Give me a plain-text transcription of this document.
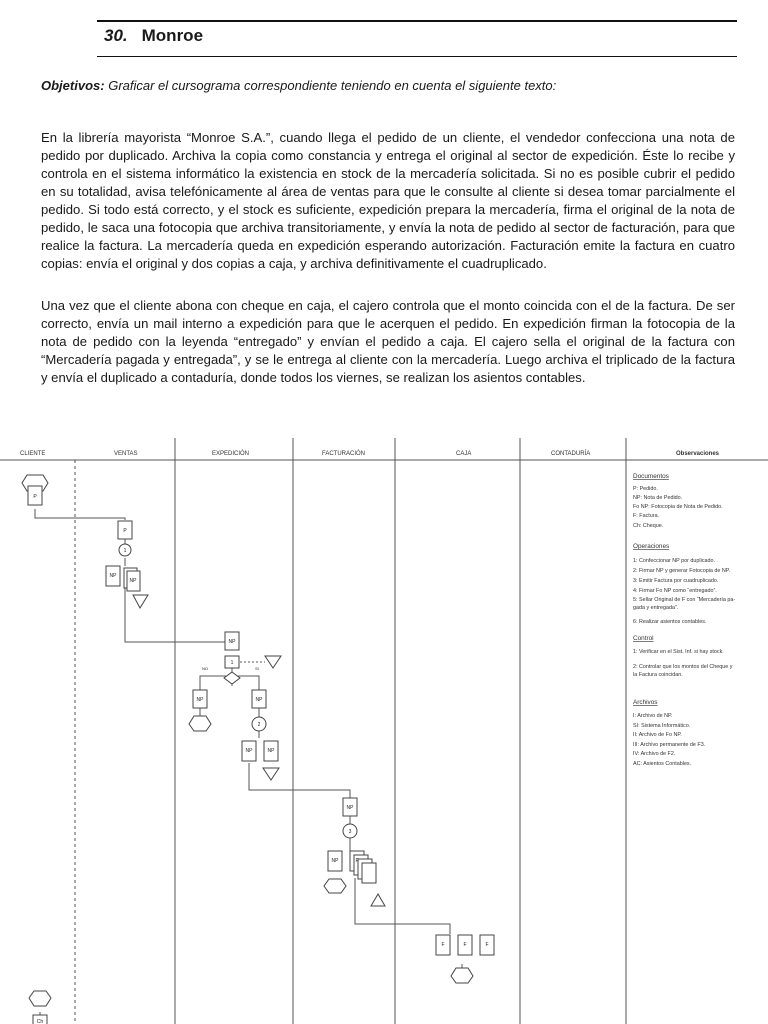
30. Monroe
Objetivos: Graficar el cursograma correspondiente teniendo en cuenta el siguiente texto:

En la librería mayorista “Monroe S.A.”, cuando llega el pedido de un cliente, el vendedor confecciona una nota de pedido por duplicado. Archiva la copia como constancia y entrega el original al sector de expedición. Éste lo recibe y controla en el sistema informático la existencia en stock de la mercadería solicitada. Si no es posible cubrir el pedido en su totalidad, avisa telefónicamente al área de ventas para que le consulte al cliente si desea tomar parcialmente el pedido. Si todo está correcto, y el stock es suficiente, expedición prepara la mercadería, firma el original de la nota de pedido, le saca una fotocopia que archiva transitoriamente, y envía la nota de pedido al sector de facturación, para que realice la factura. La mercadería queda en expedición esperando autorización. Facturación emite la factura en cuatro copias: envía el original y dos copias a caja, y archiva definitivamente el cuadruplicado.

Una vez que el cliente abona con cheque en caja, el cajero controla que el monto coincida con el de la factura. De ser correcto, envía un mail interno a expedición para que le acerquen el pedido. En expedición firman la fotocopia de la nota de pedido con la leyenda “entregado” y envían el pedido a caja. El cajero sella el original de la factura con “Mercadería pagada y entregada”, y se le entrega al cliente con la mercadería. Luego archiva el triplicado de la factura y envía el duplicado a contaduría, donde todos los viernes, se realizan los asientos contables.

CLIENTE	VENTAS	EXPEDICIÓN	FACTURACIÓN	CAJA	CONTADURÍA	Observaciones
P
P
1
NP
NP
NP
1
NO	SI
NP	NP
2
NP	NP
NP
3
NP	F
F	F	F
Ch
Documentos
P: Pedido.
NP: Nota de Pedido.
Fo NP: Fotocopia de Nota de Pedido.
F: Factura.
Ch: Cheque.
Operaciones
1: Confeccionar NP por duplicado.
2: Firmar NP y generar Fotocopia de NP.
3: Emitir Factura por cuadruplicado.
4: Firmar Fo NP como “entregado”.
5: Sellar Original de F con “Mercadería pa-
gada y entregada”.
6: Realizar asientos contables.
Control
1: Verificar en el Sist. Inf. si hay stock.
2: Controlar que los montos del Cheque y
la Factura coincidan.
Archivos
I: Archivo de NP.
SI: Sistema Informático.
II: Archivo de Fo NP.
III: Archivo permanente de F3.
IV: Archivo de F2.
AC: Asientos Contables.
